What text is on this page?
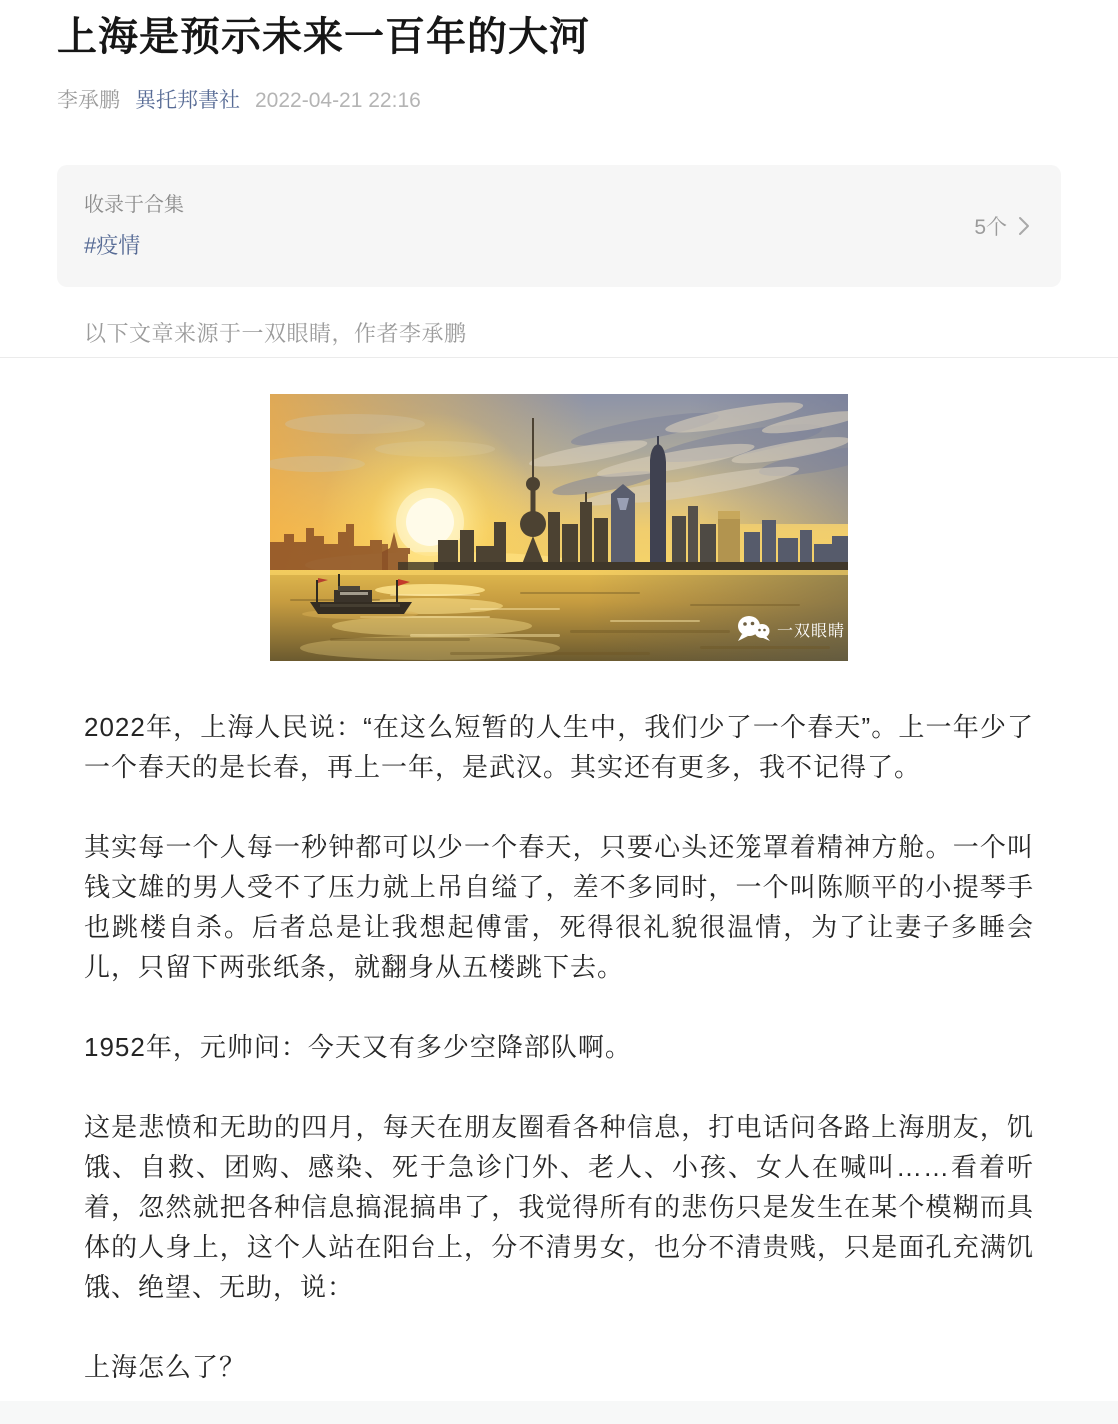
上海是预示未来一百年的大河
李承鹏 異托邦書社 2022-04-21 22:16
收录于合集
#疫情
5个
以下文章来源于一双眼睛，作者李承鹏
一双眼睛

2022年，上海人民说：“在这么短暂的人生中，我们少了一个春天”。上一年少了一个春天的是长春，再上一年，是武汉。其实还有更多，我不记得了。

其实每一个人每一秒钟都可以少一个春天，只要心头还笼罩着精神方舱。一个叫钱文雄的男人受不了压力就上吊自缢了，差不多同时，一个叫陈顺平的小提琴手也跳楼自杀。后者总是让我想起傅雷，死得很礼貌很温情，为了让妻子多睡会儿，只留下两张纸条，就翻身从五楼跳下去。

1952年，元帅问：今天又有多少空降部队啊。

这是悲愤和无助的四月，每天在朋友圈看各种信息，打电话问各路上海朋友，饥饿、自救、团购、感染、死于急诊门外、老人、小孩、女人在喊叫……看着听着，忽然就把各种信息搞混搞串了，我觉得所有的悲伤只是发生在某个模糊而具体的人身上，这个人站在阳台上，分不清男女，也分不清贵贱，只是面孔充满饥饿、绝望、无助，说：

上海怎么了？
